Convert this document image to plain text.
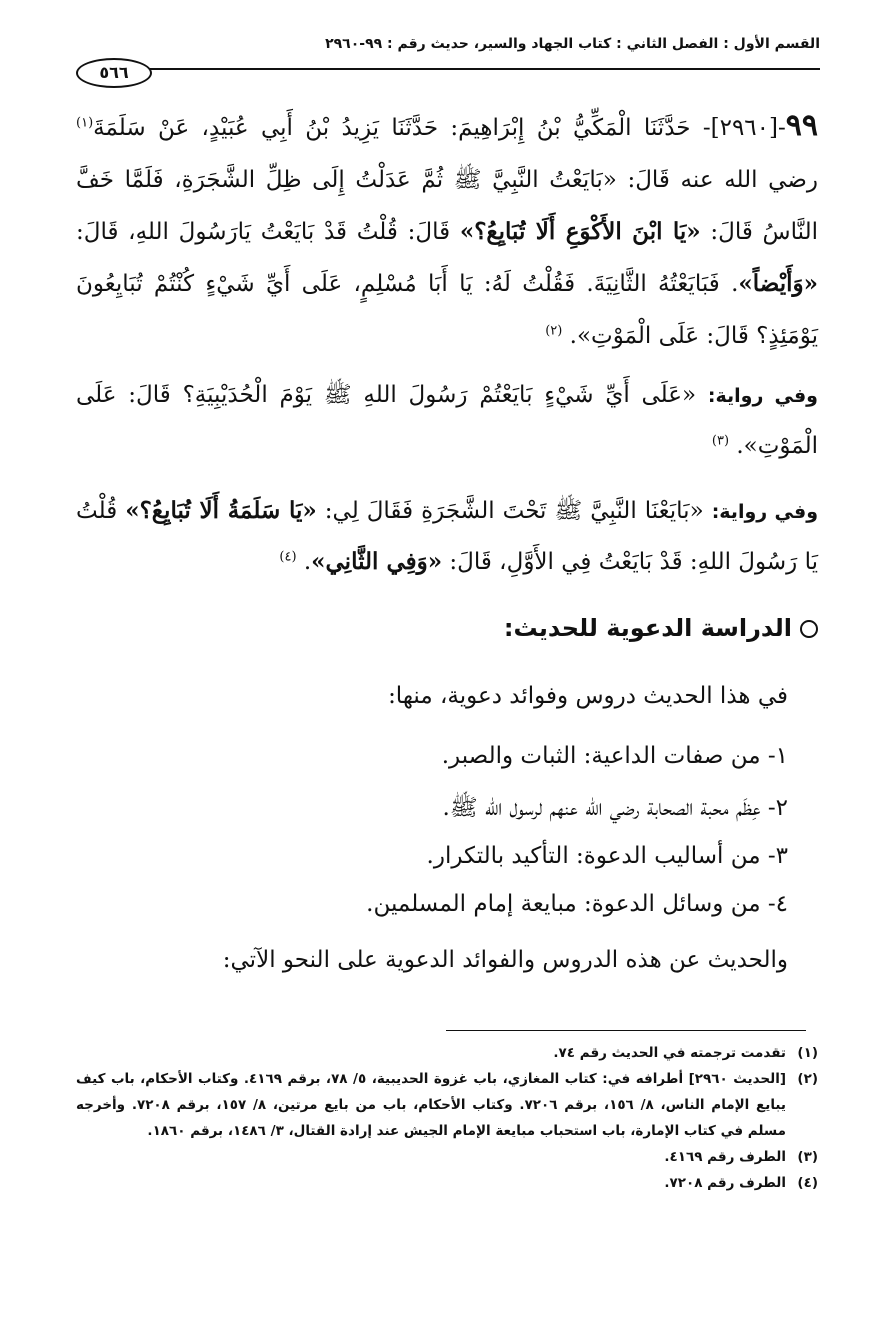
القسم الأول : الفصل الثاني : كتاب الجهاد والسير، حديث رقم : ٩٩-٢٩٦٠
٥٦٦
٩٩-[٢٩٦٠]- حَدَّثَنَا الْمَكِّيُّ بْنُ إِبْرَاهِيمَ: حَدَّثَنَا يَزِيدُ بْنُ أَبِي عُبَيْدٍ، عَنْ سَلَمَةَ$^{(١)}$ رضي الله عنه قَالَ: «بَايَعْتُ النَّبِيَّ ﷺ ثُمَّ عَدَلْتُ إِلَى ظِلِّ الشَّجَرَةِ، فَلَمَّا خَفَّ النَّاسُ قَالَ: «يَا ابْنَ الأَكْوَعِ أَلَا تُبَايِعُ؟» قَالَ: قُلْتُ قَدْ بَايَعْتُ يَارَسُولَ اللهِ، قَالَ: «وَأَيْضاً». فَبَايَعْتُهُ الثَّانِيَةَ. فَقُلْتُ لَهُ: يَا أَبَا مُسْلِمٍ، عَلَى أَيِّ شَيْءٍ كُنْتُمْ تُبَايِعُونَ يَوْمَئِذٍ؟ قَالَ: عَلَى الْمَوْتِ». $^{(٢)}$
وفي رواية: «عَلَى أَيِّ شَيْءٍ بَايَعْتُمْ رَسُولَ اللهِ ﷺ يَوْمَ الْحُدَيْبِيَةِ؟ قَالَ: عَلَى الْمَوْتِ». $^{(٣)}$
وفي رواية: «بَايَعْنَا النَّبِيَّ ﷺ تَحْتَ الشَّجَرَةِ فَقَالَ لِي: «يَا سَلَمَةُ أَلَا تُبَايِعُ؟» قُلْتُ يَا رَسُولَ اللهِ: قَدْ بَايَعْتُ فِي الأَوَّلِ، قَالَ: «وَفِي الثَّانِي». $^{(٤)}$
الدراسة الدعوية للحديث:
في هذا الحديث دروس وفوائد دعوية، منها:
١- من صفات الداعية: الثبات والصبر.
٢- عِظَم محبة الصحابة رضي الله عنهم لرسول الله ﷺ.
٣- من أساليب الدعوة: التأكيد بالتكرار.
٤- من وسائل الدعوة: مبايعة إمام المسلمين.
والحديث عن هذه الدروس والفوائد الدعوية على النحو الآتي:
(١)
تقدمت ترجمته في الحديث رقم ٧٤.
(٢)
[الحديث ٢٩٦٠] أطرافه في: كتاب المغازي، باب غزوة الحديبية، ٥/ ٧٨، برقم ٤١٦٩. وكتاب الأحكام، باب كيف يبايع الإمام الناس، ٨/ ١٥٦، برقم ٧٢٠٦. وكتاب الأحكام، باب من بايع مرتين، ٨/ ١٥٧، برقم ٧٢٠٨. وأخرجه مسلم في كتاب الإمارة، باب استحباب مبايعة الإمام الجيش عند إرادة القتال، ٣/ ١٤٨٦، برقم ١٨٦٠.
(٣)
الطرف رقم ٤١٦٩.
(٤)
الطرف رقم ٧٢٠٨.
